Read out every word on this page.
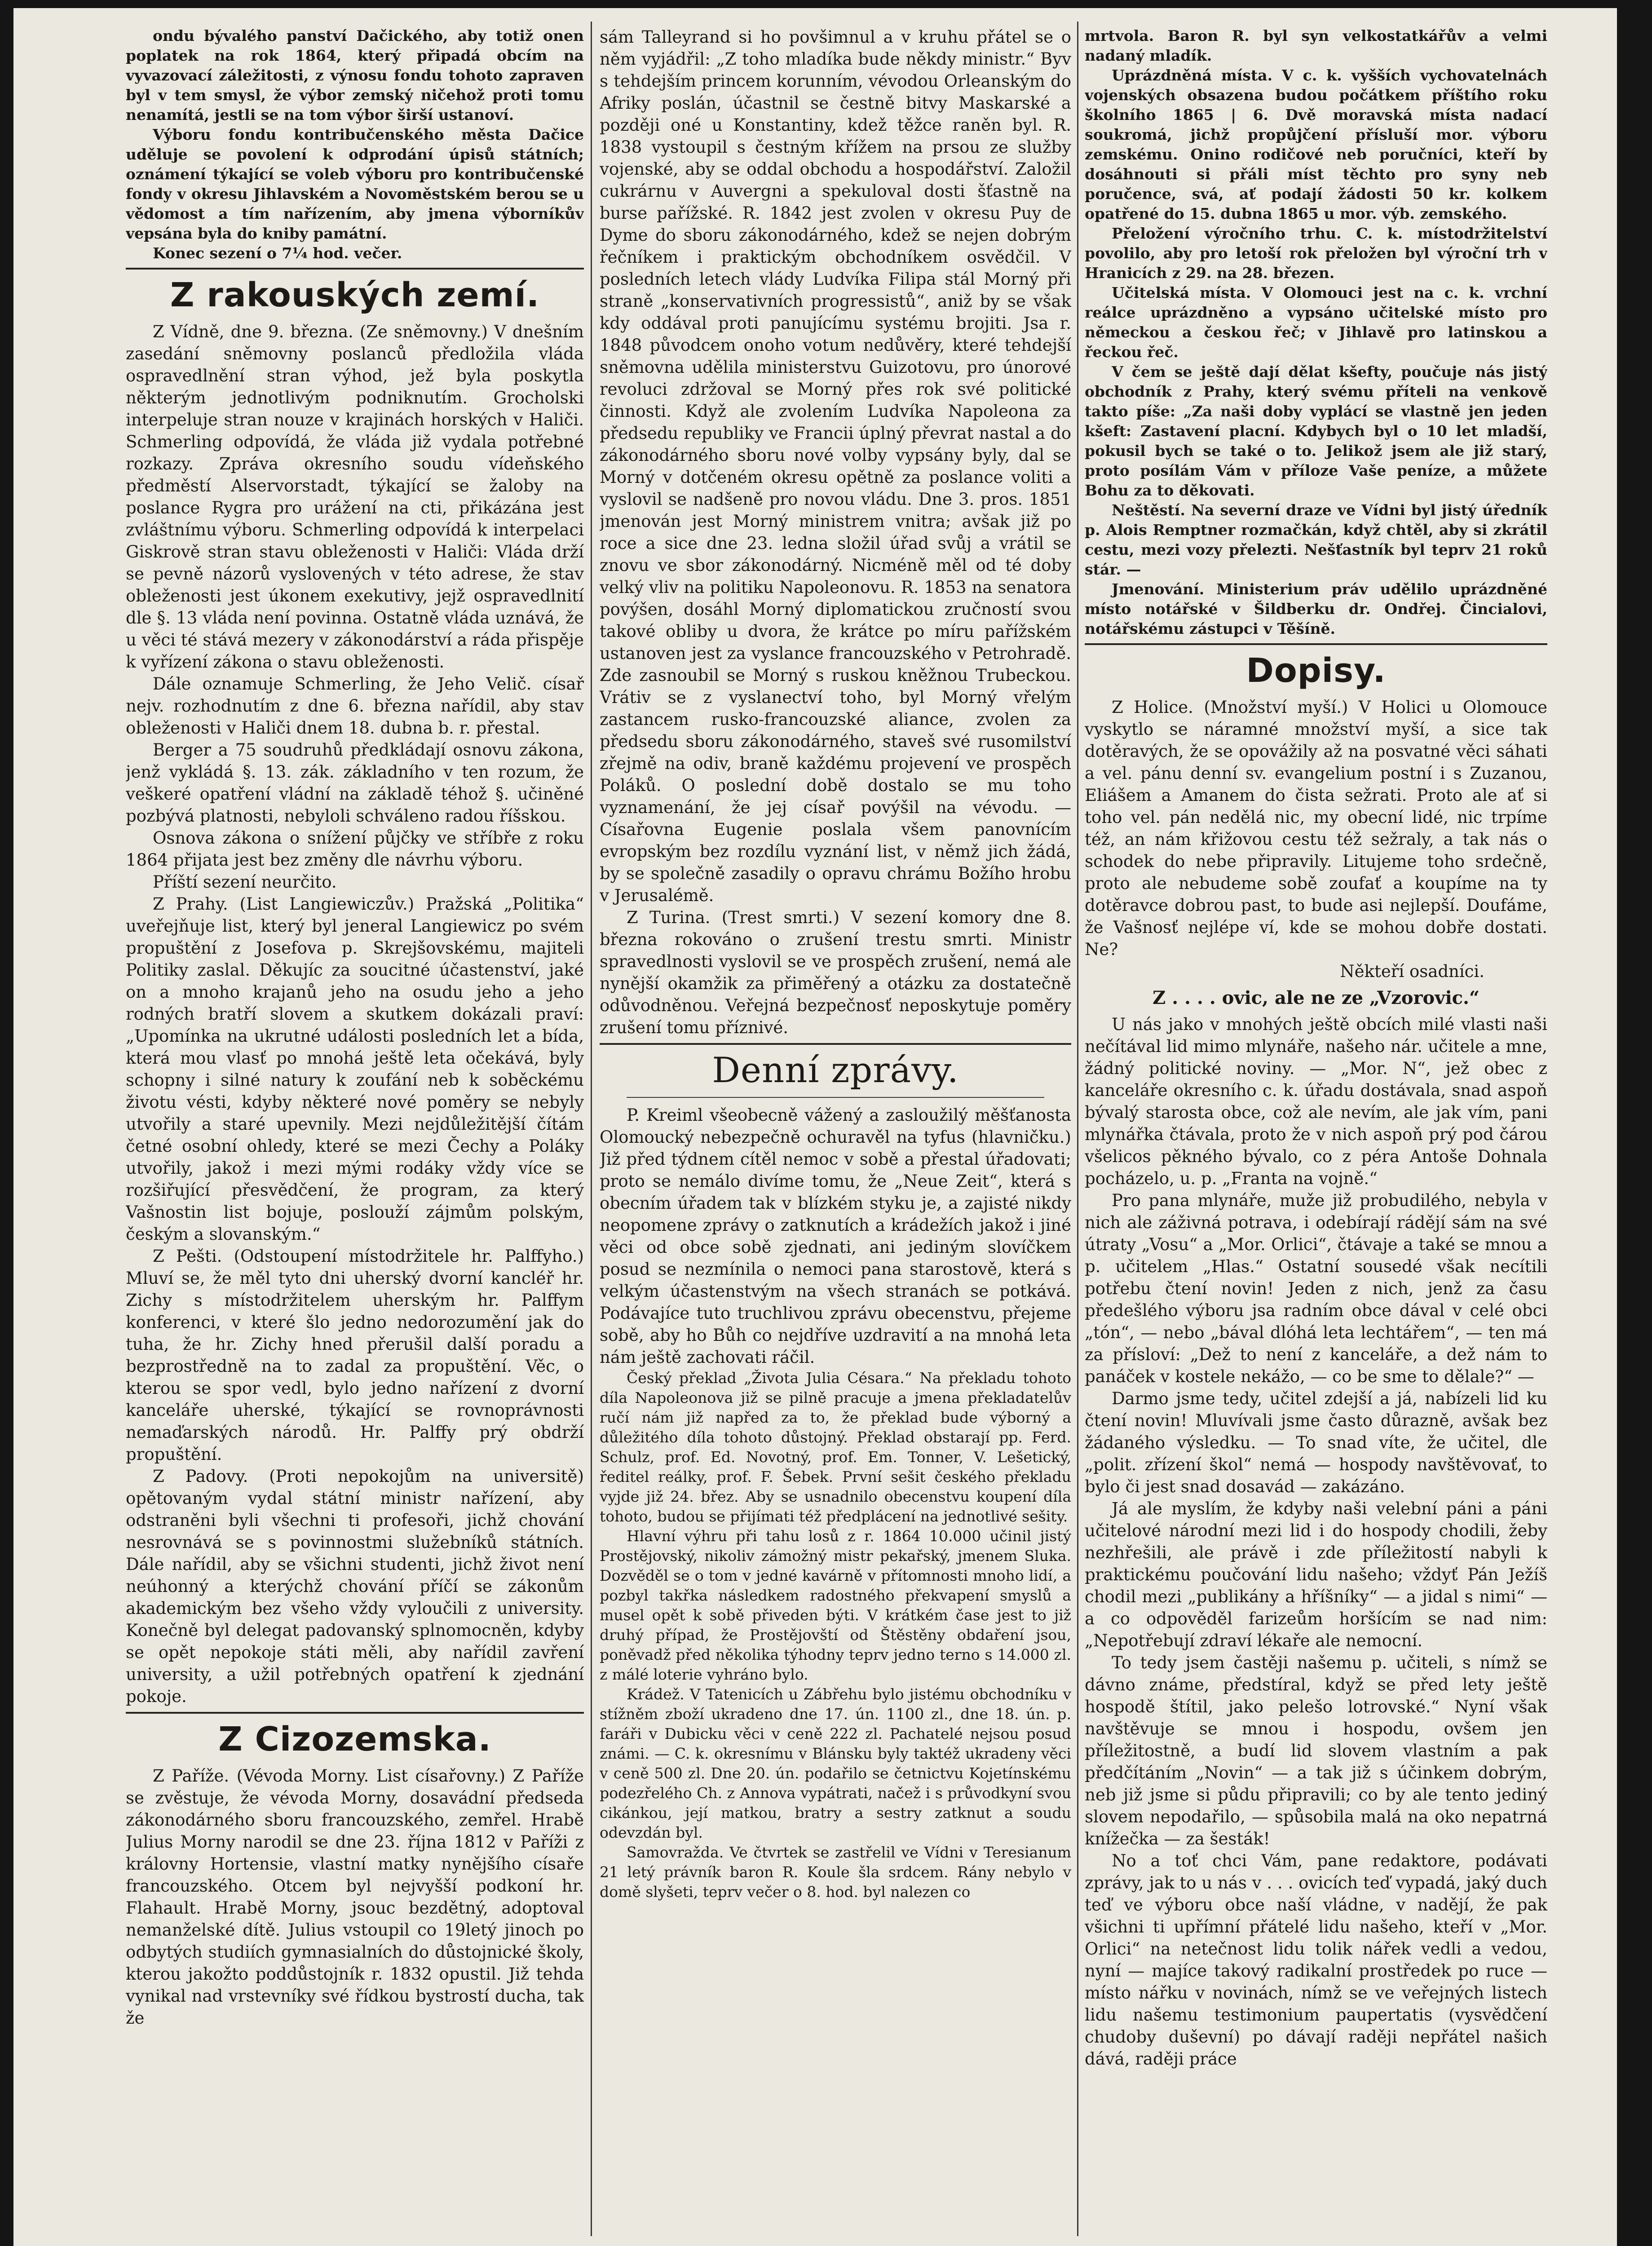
ondu bývalého panství Dačického, aby totiž onen poplatek na rok 1864, který připadá obcím na vyvazovací záležitosti, z výnosu fondu tohoto zapraven byl v tem smysl, že výbor zemský ničehož proti tomu nenamítá, jestli se na tom výbor širší ustanoví.

Výboru fondu kontribučenského města Dačice uděluje se povolení k odprodání úpisů státních; oznámení týkající se voleb výboru pro kontribučenské fondy v okresu Jihlavském a Novoměstském berou se u vědomost a tím nařízením, aby jmena výborníkův vepsána byla do kniby památní.

Konec sezení o 7¼ hod. večer.

Z rakouských zemí.

Z Vídně, dne 9. března. (Ze sněmovny.) V dnešním zasedání sněmovny poslanců předložila vláda ospravedlnění stran výhod, jež byla poskytla některým jednotlivým podniknutím. Grocholski interpeluje stran nouze v krajinách horských v Haliči. Schmerling odpovídá, že vláda již vydala potřebné rozkazy. Zpráva okresního soudu vídeňského předměstí Alservorstadt, týkající se žaloby na poslance Rygra pro urážení na cti, přikázána jest zvláštnímu výboru. Schmerling odpovídá k interpelaci Giskrově stran stavu obleženosti v Haliči: Vláda drží se pevně názorů vyslovených v této adrese, že stav obleženosti jest úkonem exekutivy, jejž ospravedlnití dle §. 13 vláda není povinna. Ostatně vláda uznává, že u věci té stává mezery v zákonodárství a ráda přispěje k vyřízení zákona o stavu obleženosti.

Dále oznamuje Schmerling, že Jeho Velič. císař nejv. rozhodnutím z dne 6. března nařídil, aby stav obleženosti v Haliči dnem 18. dubna b. r. přestal.

Berger a 75 soudruhů předkládají osnovu zákona, jenž vykládá §. 13. zák. základního v ten rozum, že veškeré opatření vládní na základě téhož §. učiněné pozbývá platnosti, nebyloli schváleno radou říšskou.

Osnova zákona o snížení půjčky ve stříbře z roku 1864 přijata jest bez změny dle návrhu výboru.

Příští sezení neurčito.

Z Prahy. (List Langiewiczův.) Pražská „Politika“ uveřejňuje list, který byl jeneral Langiewicz po svém propuštění z Josefova p. Skrejšovskému, majiteli Politiky zaslal. Děkujíc za soucitné účastenství, jaké on a mnoho krajanů jeho na osudu jeho a jeho rodných bratří slovem a skutkem dokázali praví: „Upomínka na ukrutné události posledních let a bída, která mou vlasť po mnohá ještě leta očekává, byly schopny i silné natury k zoufání neb k soběckému životu vésti, kdyby některé nové poměry se nebyly utvořily a staré upevnily. Mezi nejdůležitější čítám četné osobní ohledy, které se mezi Čechy a Poláky utvořily, jakož i mezi mými rodáky vždy více se rozšiřující přesvědčení, že program, za který Vašnostin list bojuje, poslouží zájmům polským, českým a slovanským.“

Z Pešti. (Odstoupení místodržitele hr. Palffyho.) Mluví se, že měl tyto dni uherský dvorní kancléř hr. Zichy s místodržitelem uherským hr. Palffym konferenci, v které šlo jedno nedorozumění jak do tuha, že hr. Zichy hned přerušil další poradu a bezprostředně na to zadal za propuštění. Věc, o kterou se spor vedl, bylo jedno nařízení z dvorní kanceláře uherské, týkající se rovnoprávnosti nemaďarských národů. Hr. Palffy prý obdrží propuštění.

Z Padovy. (Proti nepokojům na universitě) opětovaným vydal státní ministr nařízení, aby odstraněni byli všechni ti profesoři, jichž chování nesrovnává se s povinnostmi služebníků státních. Dále nařídil, aby se všichni studenti, jichž život není neúhonný a kterýchž chování příčí se zákonům akademickým bez všeho vždy vyloučili z university. Konečně byl delegat padovanský splnomocněn, kdyby se opět nepokoje státi měli, aby nařídil zavření university, a užil potřebných opatření k zjednání pokoje.

Z Cizozemska.

Z Paříže. (Vévoda Morny. List císařovny.) Z Paříže se zvěstuje, že vévoda Morny, dosavádní předseda zákonodárného sboru francouzského, zemřel. Hrabě Julius Morny narodil se dne 23. října 1812 v Paříži z královny Hortensie, vlastní matky nynějšího císaře francouzského. Otcem byl nejvyšší podkoní hr. Flahault. Hrabě Morny, jsouc bezdětný, adoptoval nemanželské dítě. Julius vstoupil co 19letý jinoch po odbytých studiích gymnasialních do důstojnické školy, kterou jakožto poddůstojník r. 1832 opustil. Již tehda vynikal nad vrstevníky své řídkou bystrostí ducha, tak že

sám Talleyrand si ho povšimnul a v kruhu přátel se o něm vyjádřil: „Z toho mladíka bude někdy ministr.“ Byv s tehdejším princem korunním, vévodou Orleanským do Afriky poslán, účastnil se čestně bitvy Maskarské a později oné u Konstantiny, kdež těžce raněn byl. R. 1838 vystoupil s čestným křížem na prsou ze služby vojenské, aby se oddal obchodu a hospodářství. Založil cukrárnu v Auvergni a spekuloval dosti šťastně na burse pařížské. R. 1842 jest zvolen v okresu Puy de Dyme do sboru zákonodárného, kdež se nejen dobrým řečníkem i praktickým obchodníkem osvědčil. V posledních letech vlády Ludvíka Filipa stál Morný při straně „konservativních progressistů“, aniž by se však kdy oddával proti panujícímu systému brojiti. Jsa r. 1848 původcem onoho votum nedůvěry, které tehdejší sněmovna udělila ministerstvu Guizotovu, pro únorové revoluci zdržoval se Morný přes rok své politické činnosti. Když ale zvolením Ludvíka Napoleona za předsedu republiky ve Francii úplný převrat nastal a do zákonodárného sboru nové volby vypsány byly, dal se Morný v dotčeném okresu opětně za poslance voliti a vyslovil se nadšeně pro novou vládu. Dne 3. pros. 1851 jmenován jest Morný ministrem vnitra; avšak již po roce a sice dne 23. ledna složil úřad svůj a vrátil se znovu ve sbor zákonodárný. Nicméně měl od té doby velký vliv na politiku Napoleonovu. R. 1853 na senatora povýšen, dosáhl Morný diplomatickou zručností svou takové obliby u dvora, že krátce po míru pařížském ustanoven jest za vyslance francouzského v Petrohradě. Zde zasnoubil se Morný s ruskou kněžnou Trubeckou. Vrátiv se z vyslanectví toho, byl Morný vřelým zastancem rusko-francouzské aliance, zvolen za předsedu sboru zákonodárného, staveš své rusomilství zřejmě na odiv, braně každému projevení ve prospěch Poláků. O poslední době dostalo se mu toho vyznamenání, že jej císař povýšil na vévodu. — Císařovna Eugenie poslala všem panovnícím evropským bez rozdílu vyznání list, v němž jich žádá, by se společně zasadily o opravu chrámu Božího hrobu v Jerusalémě.

Z Turina. (Trest smrti.) V sezení komory dne 8. března rokováno o zrušení trestu smrti. Ministr spravedlnosti vyslovil se ve prospěch zrušení, nemá ale nynější okamžik za přiměřený a otázku za dostatečně odůvodněnou. Veřejná bezpečnosť neposkytuje poměry zrušení tomu příznivé.

Denní zprávy.

P. Kreiml všeobecně vážený a zasloužilý měšťanosta Olomoucký nebezpečně ochuravěl na tyfus (hlavničku.) Již před týdnem cítěl nemoc v sobě a přestal úřadovati; proto se nemálo divíme tomu, že „Neue Zeit“, která s obecním úřadem tak v blízkém styku je, a zajisté nikdy neopomene zprávy o zatknutích a krádežích jakož i jiné věci od obce sobě zjednati, ani jediným slovíčkem posud se nezmínila o nemoci pana starostově, která s velkým účastenstvým na všech stranách se potkává. Podávajíce tuto truchlivou zprávu obecenstvu, přejeme sobě, aby ho Bůh co nejdříve uzdravití a na mnohá leta nám ještě zachovati ráčil.

Český překlad „Života Julia Césara.“ Na překladu tohoto díla Napoleonova již se pilně pracuje a jmena překladatelův ručí nám již napřed za to, že překlad bude výborný a důležitého díla tohoto důstojný. Překlad obstarají pp. Ferd. Schulz, prof. Ed. Novotný, prof. Em. Tonner, V. Lešetický, ředitel reálky, prof. F. Šebek. První sešit českého překladu vyjde již 24. břez. Aby se usnadnilo obecenstvu koupení díla tohoto, budou se přijímati též předplácení na jednotlivé sešity.

Hlavní výhru při tahu losů z r. 1864 10.000 učinil jistý Prostějovský, nikoliv zámožný mistr pekařský, jmenem Sluka. Dozvěděl se o tom v jedné kavárně v přítomnosti mnoho lidí, a pozbyl takřka následkem radostného překvapení smyslů a musel opět k sobě přiveden býti. V krátkém čase jest to již druhý případ, že Prostějovští od Štěstěny obdaření jsou, poněvadž před několika týhodny teprv jedno terno s 14.000 zl. z málé loterie vyhráno bylo.

Krádež. V Tatenicích u Zábřehu bylo jistému obchodníku v stížněm zboží ukradeno dne 17. ún. 1100 zl., dne 18. ún. p. faráři v Dubicku věci v ceně 222 zl. Pachatelé nejsou posud známi. — C. k. okresnímu v Blánsku byly taktéž ukradeny věci v ceně 500 zl. Dne 20. ún. podařilo se četnictvu Kojetínskému podezřelého Ch. z Annova vypátrati, načež i s průvodkyní svou cikánkou, její matkou, bratry a sestry zatknut a soudu odevzdán byl.

Samovražda. Ve čtvrtek se zastřelil ve Vídni v Teresianum 21 letý právník baron R. Koule šla srdcem. Rány nebylo v domě slyšeti, teprv večer o 8. hod. byl nalezen co

mrtvola. Baron R. byl syn velkostatkářův a velmi nadaný mladík.

Uprázdněná místa. V c. k. vyšších vychovatelnách vojenských obsazena budou počátkem příštího roku školního 1865 | 6. Dvě moravská místa nadací soukromá, jichž propůjčení přísluší mor. výboru zemskému. Onino rodičové neb poručníci, kteří by dosáhnouti si přáli míst těchto pro syny neb poručence, svá, ať podají žádosti 50 kr. kolkem opatřené do 15. dubna 1865 u mor. výb. zemského.

Přeložení výročního trhu. C. k. místodržitelství povolilo, aby pro letoší rok přeložen byl výroční trh v Hranicích z 29. na 28. březen.

Učitelská místa. V Olomouci jest na c. k. vrchní reálce uprázdněno a vypsáno učitelské místo pro německou a českou řeč; v Jihlavě pro latinskou a řeckou řeč.

V čem se ještě dají dělat kšefty, poučuje nás jistý obchodník z Prahy, který svému příteli na venkově takto píše: „Za naši doby vyplácí se vlastně jen jeden kšeft: Zastavení placní. Kdybych byl o 10 let mladší, pokusil bych se také o to. Jelikož jsem ale již starý, proto posílám Vám v příloze Vaše peníze, a můžete Bohu za to děkovati.

Neštěstí. Na severní draze ve Vídni byl jistý úředník p. Alois Remptner rozmačkán, když chtěl, aby si zkrátil cestu, mezi vozy přelezti. Nešťastník byl teprv 21 roků stár. —

Jmenování. Ministerium práv udělilo uprázdněné místo notářské v Šildberku dr. Ondřej. Čincialovi, notářskému zástupci v Těšíně.

Dopisy.

Z Holice. (Množství myší.) V Holici u Olomouce vyskytlo se náramné množství myší, a sice tak dotěravých, že se opovážily až na posvatné věci sáhati a vel. pánu denní sv. evangelium postní i s Zuzanou, Eliášem a Amanem do čista sežrati. Proto ale ať si toho vel. pán nedělá nic, my obecní lidé, nic trpíme též, an nám křižovou cestu též sežraly, a tak nás o schodek do nebe připravily. Litujeme toho srdečně, proto ale nebudeme sobě zoufať a koupíme na ty dotěravce dobrou past, to bude asi nejlepší. Doufáme, že Vašnosť nejlépe ví, kde se mohou dobře dostati. Ne?

Někteří osadníci.

Z . . . . ovic, ale ne ze „Vzorovic.“

U nás jako v mnohých ještě obcích milé vlasti naši nečítával lid mimo mlynáře, našeho nár. učitele a mne, žádný politické noviny. — „Mor. N“, jež obec z kanceláře okresního c. k. úřadu dostávala, snad aspoň bývalý starosta obce, což ale nevím, ale jak vím, pani mlynářka čtávala, proto že v nich aspoň prý pod čárou všelicos pěkného bývalo, co z péra Antoše Dohnala pocházelo, u. p. „Franta na vojně.“

Pro pana mlynáře, muže již probudilého, nebyla v nich ale záživná potrava, i odebírají rádějí sám na své útraty „Vosu“ a „Mor. Orlici“, čtávaje a také se mnou a p. učitelem „Hlas.“ Ostatní sousedé však necítili potřebu čtení novin! Jeden z nich, jenž za času předešlého výboru jsa radním obce dával v celé obci „tón“, — nebo „bával dlóhá leta lechtářem“, — ten má za přísloví: „Dež to není z kanceláře, a dež nám to panáček v kostele nekážo, — co be sme to dělale?“ —

Darmo jsme tedy, učitel zdejší a já, nabízeli lid ku čtení novin! Mluvívali jsme často důrazně, avšak bez žádaného výsledku. — To snad víte, že učitel, dle „polit. zřízení škol“ nemá — hospody navštěvovať, to bylo či jest snad dosavád — zakázáno.

Já ale myslím, že kdyby naši velební páni a páni učitelové národní mezi lid i do hospody chodili, žeby nezhřešili, ale právě i zde příležitostí nabyli k praktickému poučování lidu našeho; vždyť Pán Ježíš chodil mezi „publikány a hříšníky“ — a jidal s nimi“ — a co odpověděl farizeům horšícím se nad nim: „Nepotřebují zdraví lékaře ale nemocní.

To tedy jsem častěji našemu p. učiteli, s nímž se dávno známe, předstíral, když se před lety ještě hospodě štítil, jako pelešo lotrovské.“ Nyní však navštěvuje se mnou i hospodu, ovšem jen příležitostně, a budí lid slovem vlastním a pak předčítáním „Novin“ — a tak již s účinkem dobrým, neb již jsme si půdu připravili; co by ale tento jediný slovem nepodařilo, — spůsobila malá na oko nepatrná knížečka — za šesták!

No a toť chci Vám, pane redaktore, podávati zprávy, jak to u nás v . . . ovicích teď vypadá, jaký duch teď ve výboru obce naší vládne, v nadějí, že pak všichni ti upřímní přátelé lidu našeho, kteří v „Mor. Orlici“ na netečnost lidu tolik nářek vedli a vedou, nyní — majíce takový radikalní prostředek po ruce — místo nářku v novinách, nímž se ve veřejných listech lidu našemu testimonium paupertatis (vysvědčení chudoby duševní) po dávají raději nepřátel našich dává, raději práce
